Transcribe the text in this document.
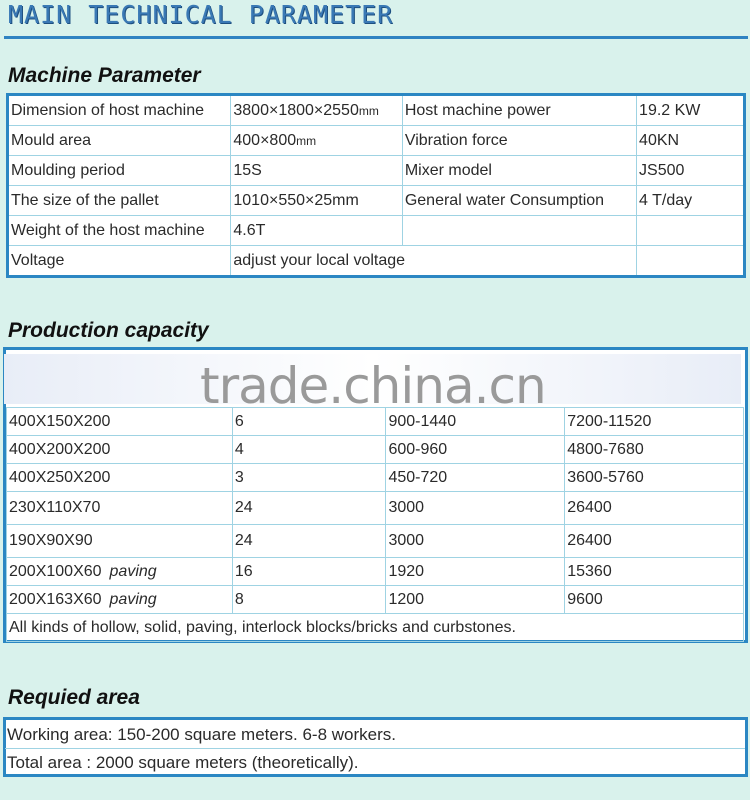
MAIN TECHNICAL PARAMETER
Machine Parameter
Dimension of host machine	3800×1800×2550mm	Host machine power	19.2 KW
Mould area	400×800mm	Vibration force	40KN
Moulding period	15S	Mixer model	JS500
The size of the pallet	1010×550×25mm	General water Consumption	4 T/day
Weight of the host machine	4.6T		
Voltage	adjust your local voltage		
Production capacity
trade.china.cn
400X150X200	6	900-1440	7200-11520
400X200X200	4	600-960	4800-7680
400X250X200	3	450-720	3600-5760
230X110X70	24	3000	26400
190X90X90	24	3000	26400
200X100X60 paving	16	1920	15360
200X163X60 paving	8	1200	9600
All kinds of hollow, solid, paving, interlock blocks/bricks and curbstones.			
Requied area
Working area: 150-200 square meters. 6-8 workers.
Total area : 2000 square meters (theoretically).
